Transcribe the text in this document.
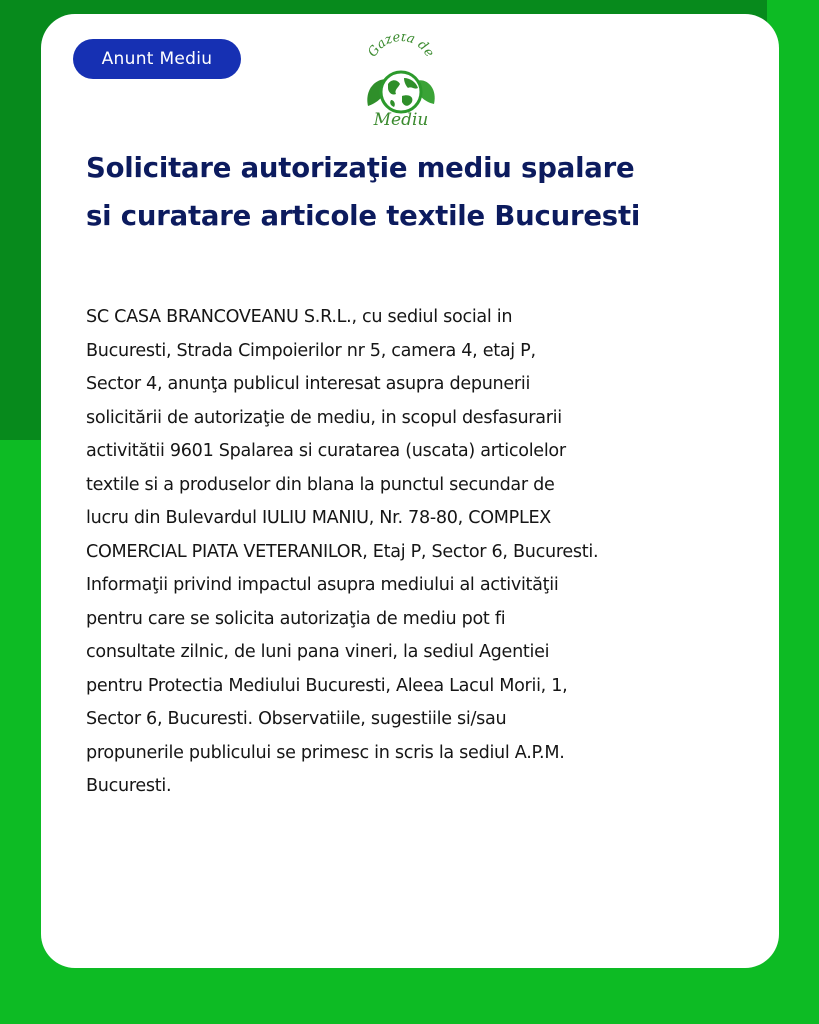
Anunt Mediu	Gazeta de
Mediu
Solicitare autorizaţie mediu spalare
si curatare articole textile Bucuresti
SC CASA BRANCOVEANU S.R.L., cu sediul social in
Bucuresti, Strada Cimpoierilor nr 5, camera 4, etaj P,
Sector 4, anunţa publicul interesat asupra depunerii
solicitării de autorizaţie de mediu, in scopul desfasurarii
activitătii 9601 Spalarea si curatarea (uscata) articolelor
textile si a produselor din blana la punctul secundar de
lucru din Bulevardul IULIU MANIU, Nr. 78-80, COMPLEX
COMERCIAL PIATA VETERANILOR, Etaj P, Sector 6, Bucuresti.
Informaţii privind impactul asupra mediului al activităţii
pentru care se solicita autorizaţia de mediu pot fi
consultate zilnic, de luni pana vineri, la sediul Agentiei
pentru Protectia Mediului Bucuresti, Aleea Lacul Morii, 1,
Sector 6, Bucuresti. Observatiile, sugestiile si/sau
propunerile publicului se primesc in scris la sediul A.P.M.
Bucuresti.
